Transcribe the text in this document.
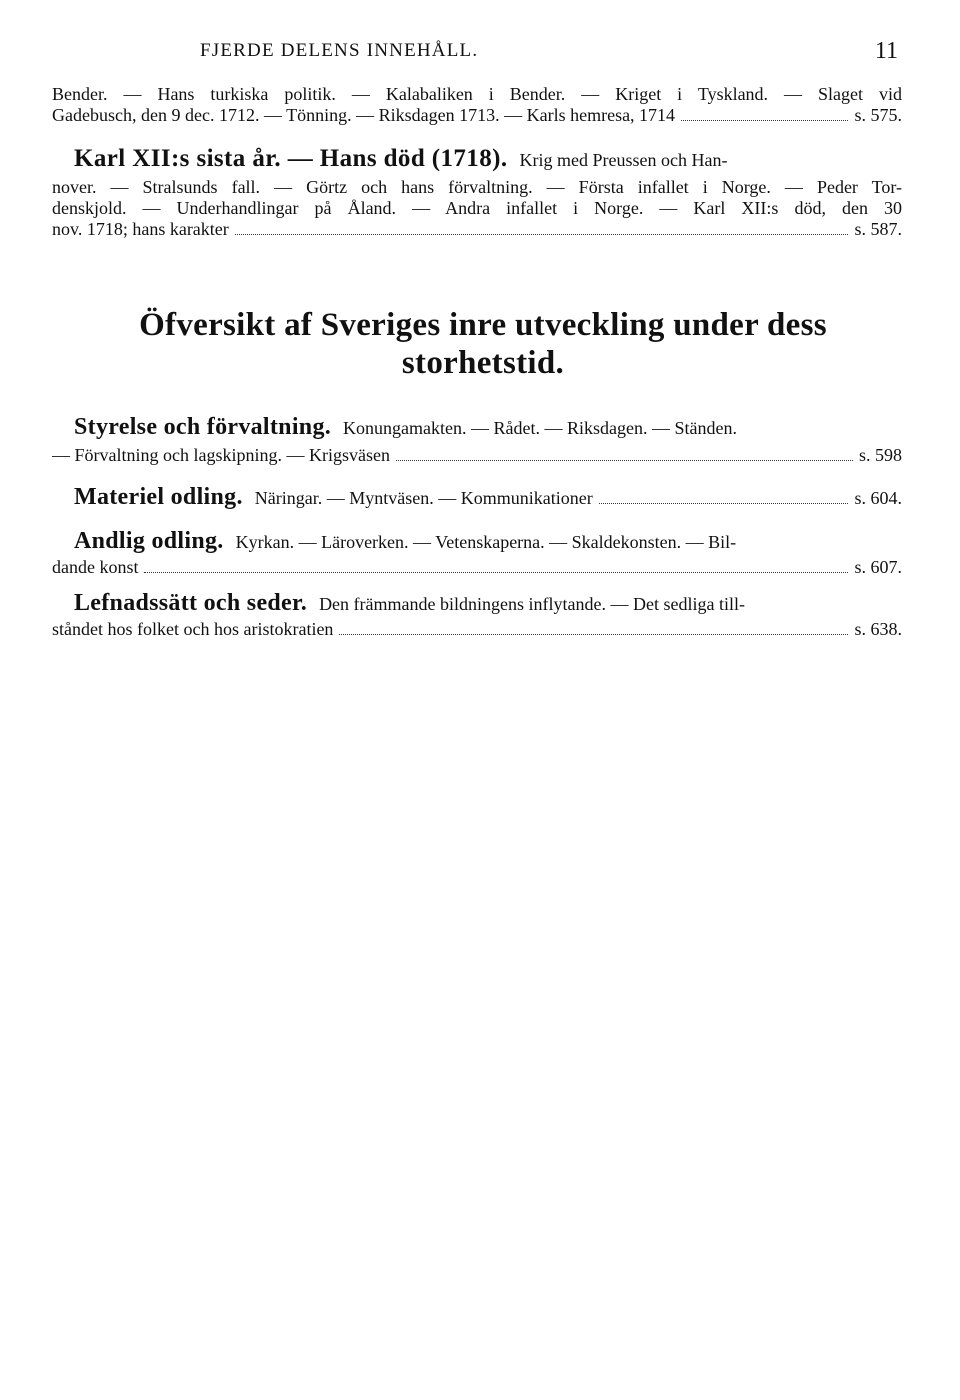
FJERDE DELENS INNEHÅLL.	11
Bender. — Hans turkiska politik. — Kalabaliken i Bender. — Kriget i Tyskland. — Slaget vid
Gadebusch, den 9 dec. 1712. — Tönning. — Riksdagen 1713. — Karls hemresa, 1714	s. 575.
Karl XII:s sista år. — Hans död (1718). Krig med Preussen och Han-
nover. — Stralsunds fall. — Görtz och hans förvaltning. — Första infallet i Norge. — Peder Tor-
denskjold. — Underhandlingar på Åland. — Andra infallet i Norge. — Karl XII:s död, den 30
nov. 1718; hans karakter	s. 587.
Öfversikt af Sveriges inre utveckling under dess
storhetstid.
Styrelse och förvaltning. Konungamakten. — Rådet. — Riksdagen. — Ständen.
— Förvaltning och lagskipning. — Krigsväsen	s. 598
Materiel odling. Näringar. — Myntväsen. — Kommunikationer	s. 604.
Andlig odling. Kyrkan. — Läroverken. — Vetenskaperna. — Skaldekonsten. — Bil-
dande konst	s. 607.
Lefnadssätt och seder. Den främmande bildningens inflytande. — Det sedliga till-
ståndet hos folket och hos aristokratien	s. 638.
